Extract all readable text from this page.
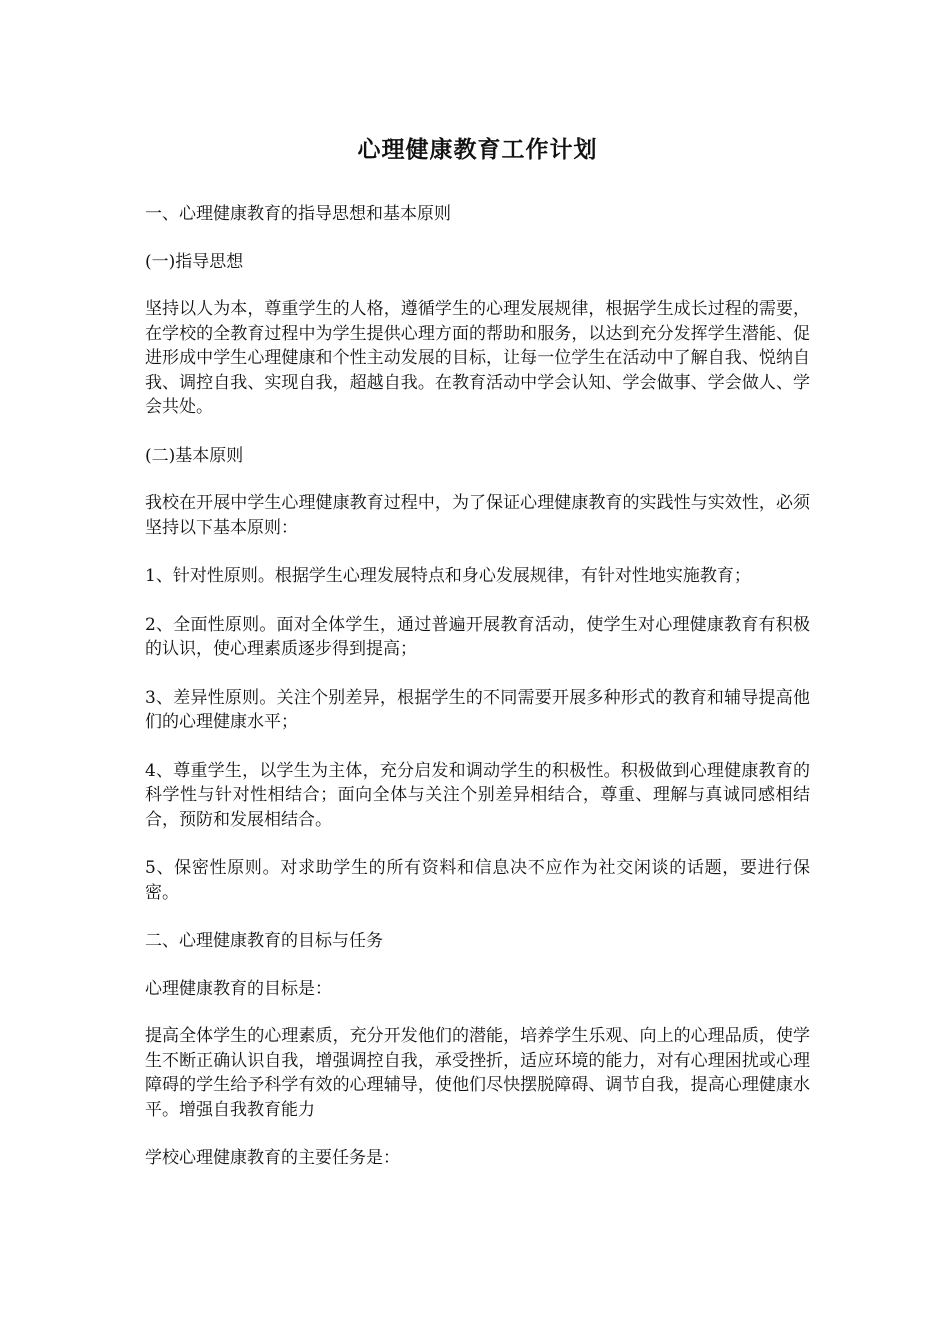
心理健康教育工作计划

一、心理健康教育的指导思想和基本原则

(一)指导思想

坚持以人为本，尊重学生的人格，遵循学生的心理发展规律，根据学生成长过程的需要，在学校的全教育过程中为学生提供心理方面的帮助和服务，以达到充分发挥学生潜能、促进形成中学生心理健康和个性主动发展的目标，让每一位学生在活动中了解自我、悦纳自我、调控自我、实现自我，超越自我。在教育活动中学会认知、学会做事、学会做人、学会共处。

(二)基本原则

我校在开展中学生心理健康教育过程中，为了保证心理健康教育的实践性与实效性，必须坚持以下基本原则：

1、针对性原则。根据学生心理发展特点和身心发展规律，有针对性地实施教育；

2、全面性原则。面对全体学生，通过普遍开展教育活动，使学生对心理健康教育有积极的认识，使心理素质逐步得到提高；

3、差异性原则。关注个别差异，根据学生的不同需要开展多种形式的教育和辅导提高他们的心理健康水平；

4、尊重学生，以学生为主体，充分启发和调动学生的积极性。积极做到心理健康教育的科学性与针对性相结合；面向全体与关注个别差异相结合，尊重、理解与真诚同感相结合，预防和发展相结合。

5、保密性原则。对求助学生的所有资料和信息决不应作为社交闲谈的话题，要进行保密。

二、心理健康教育的目标与任务

心理健康教育的目标是：

提高全体学生的心理素质，充分开发他们的潜能，培养学生乐观、向上的心理品质，使学生不断正确认识自我，增强调控自我，承受挫折，适应环境的能力，对有心理困扰或心理障碍的学生给予科学有效的心理辅导，使他们尽快摆脱障碍、调节自我，提高心理健康水平。增强自我教育能力

学校心理健康教育的主要任务是：
